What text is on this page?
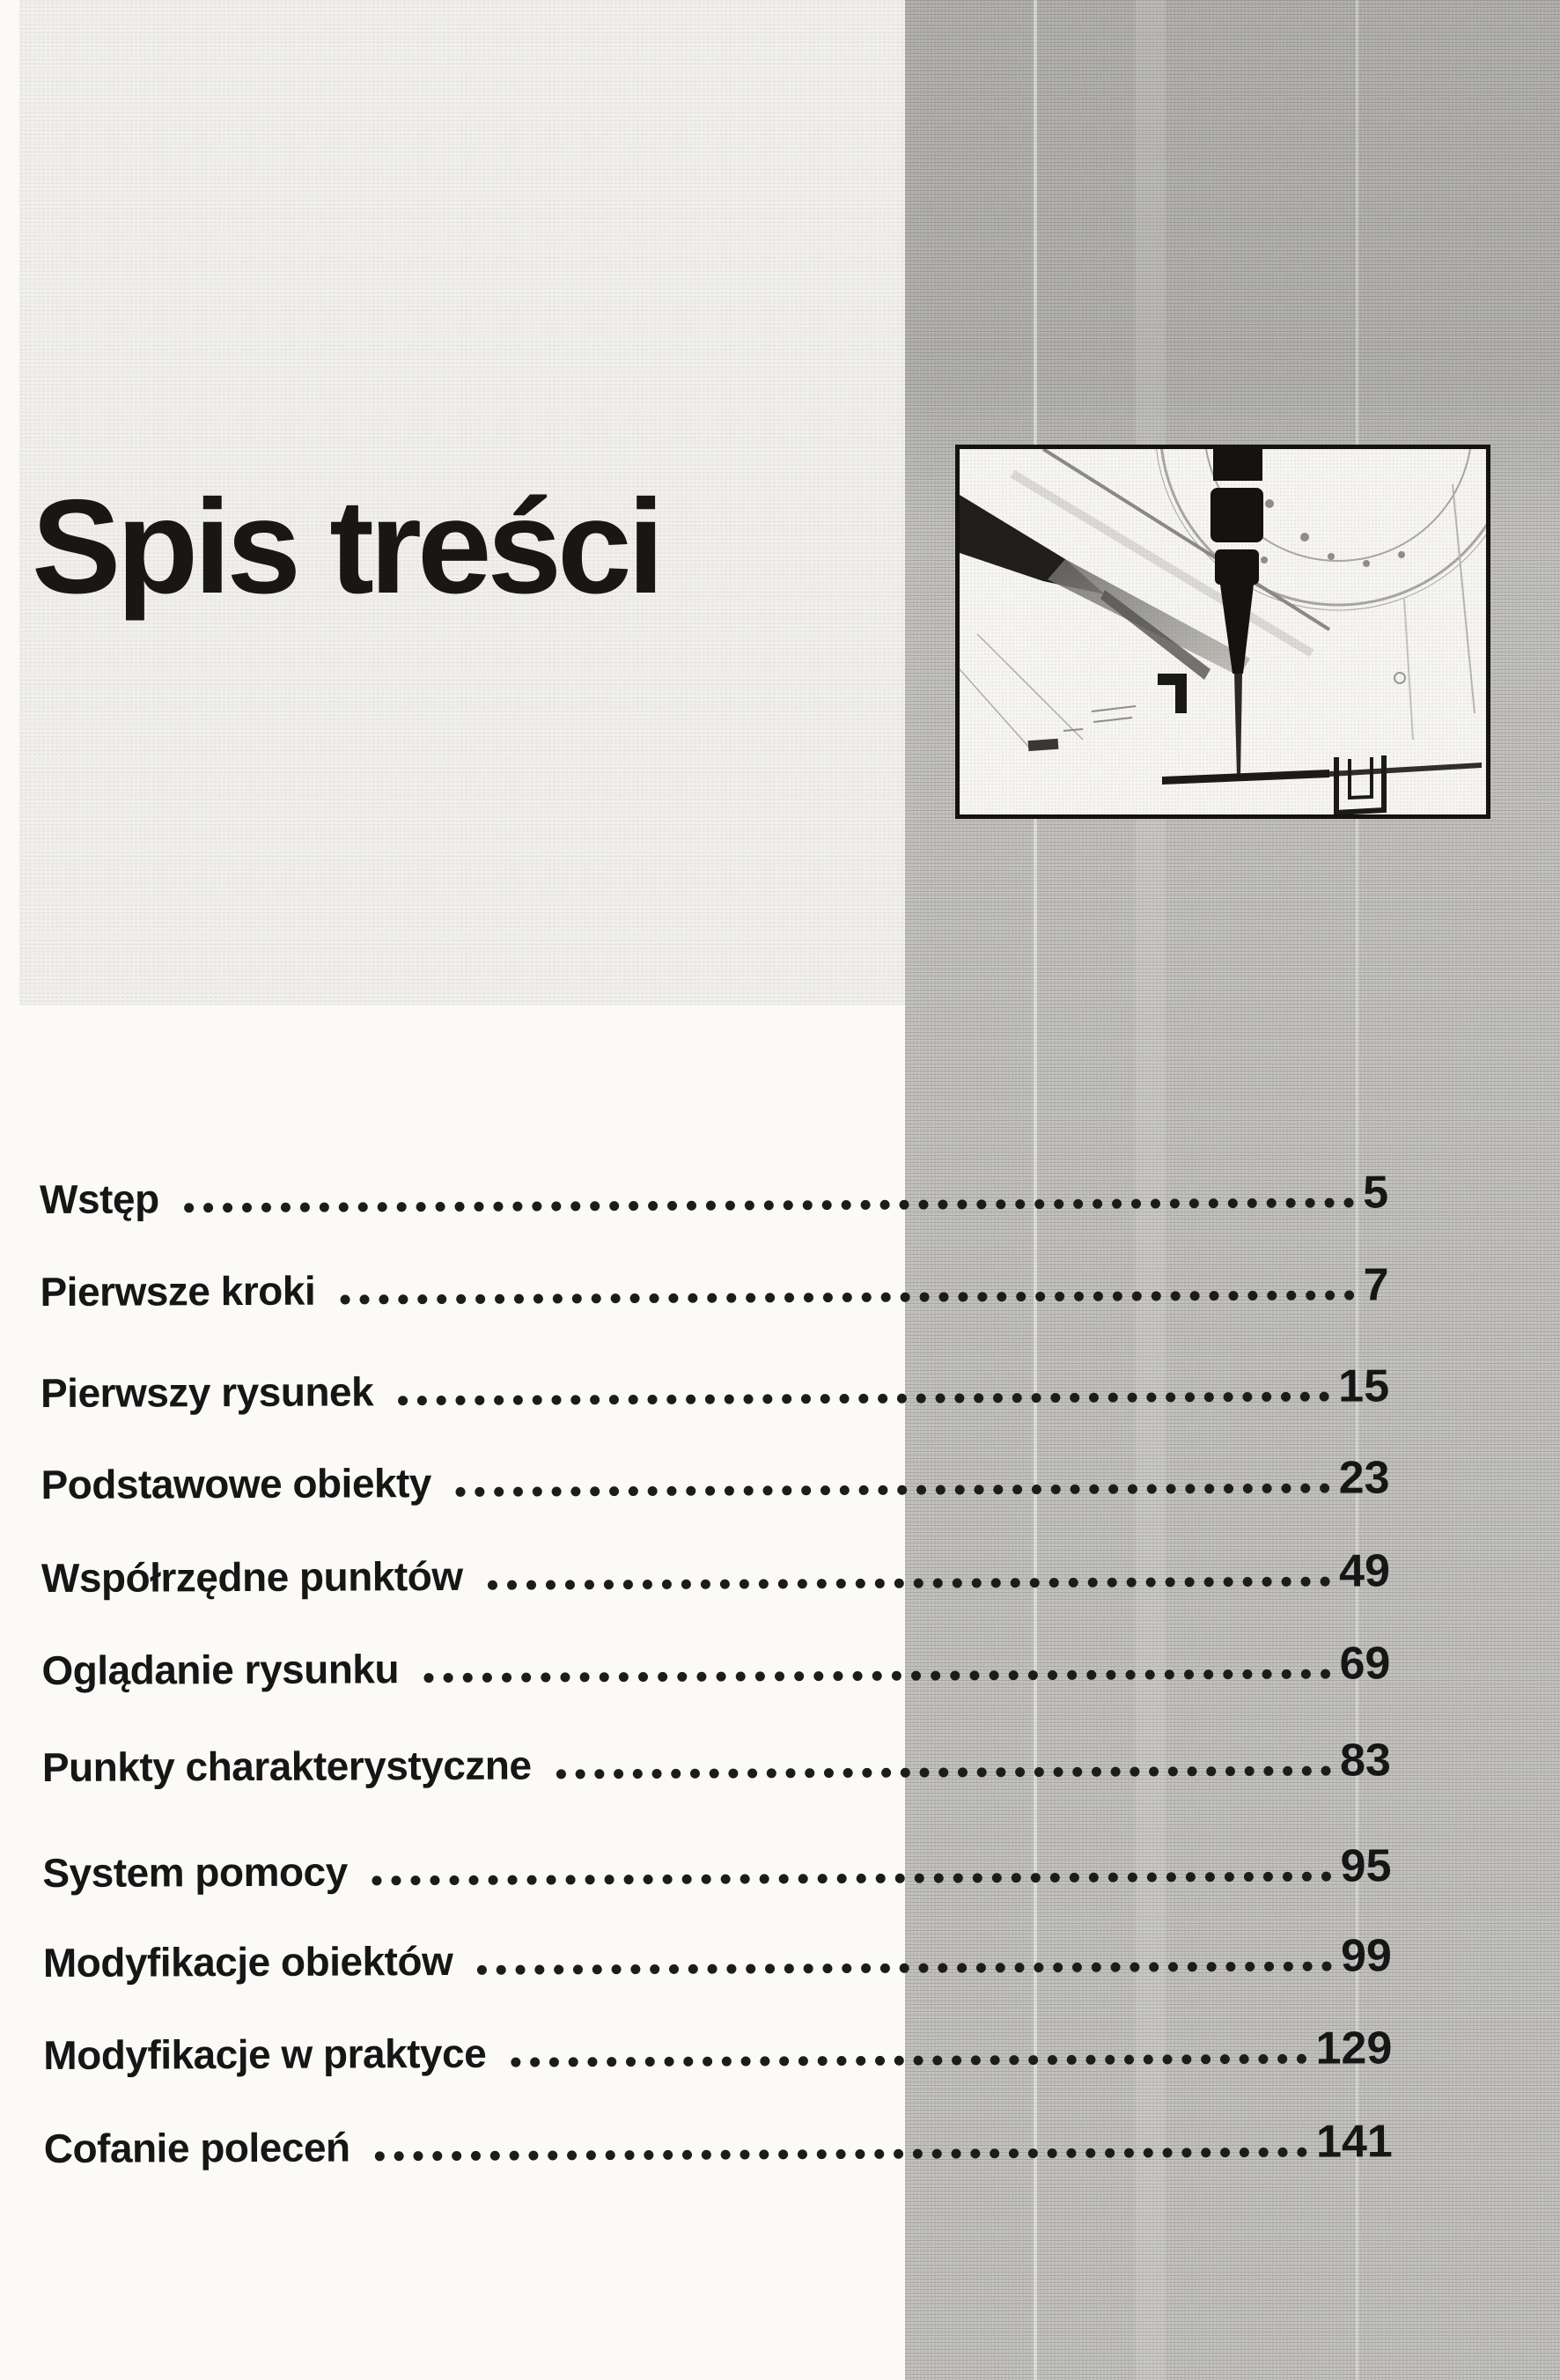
Spis treści
Wstęp	5
Pierwsze kroki	7
Pierwszy rysunek	15
Podstawowe obiekty	23
Współrzędne punktów	49
Oglądanie rysunku	69
Punkty charakterystyczne	83
System pomocy	95
Modyfikacje obiektów	99
Modyfikacje w praktyce	129
Cofanie poleceń	141
